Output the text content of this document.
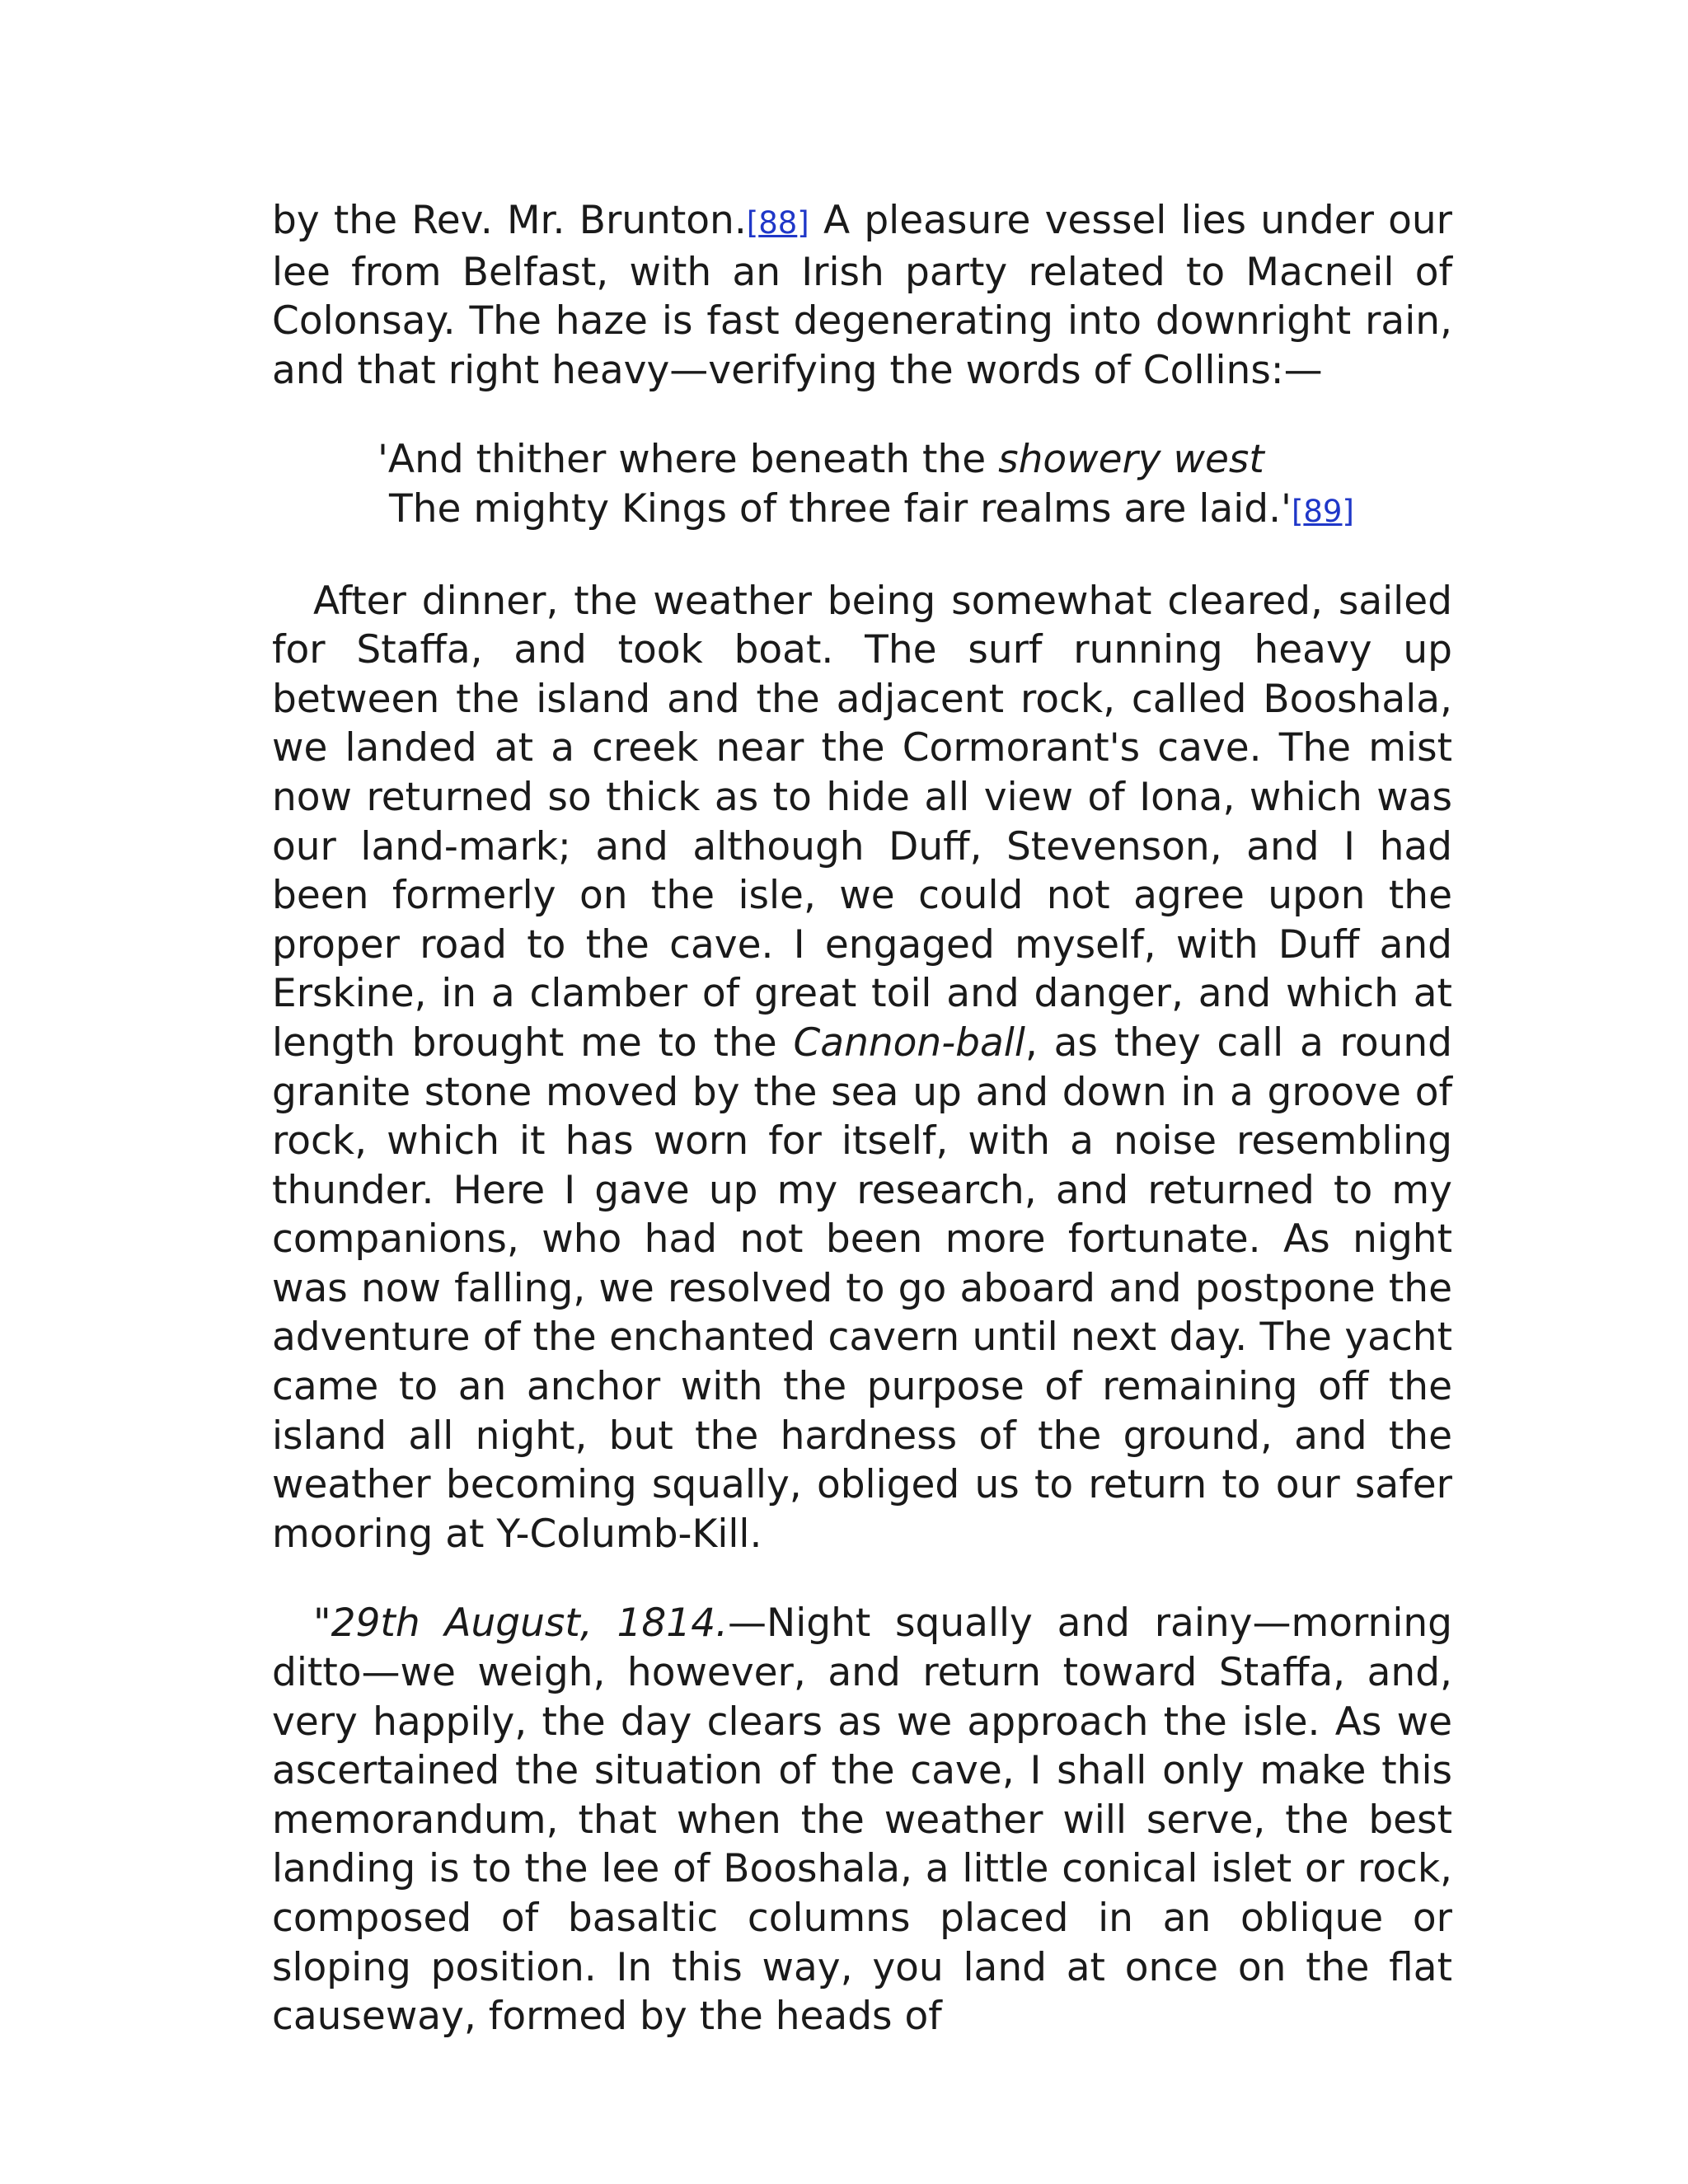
by the Rev. Mr. Brunton.[88] A pleasure vessel lies under our lee from Belfast, with an Irish party related to Macneil of Colonsay. The haze is fast degenerating into downright rain, and that right heavy—verifying the words of Collins:—

'And thither where beneath the showery west
The mighty Kings of three fair realms are laid.'[89]

After dinner, the weather being somewhat cleared, sailed for Staffa, and took boat. The surf running heavy up between the island and the adjacent rock, called Booshala, we landed at a creek near the Cormorant's cave. The mist now returned so thick as to hide all view of Iona, which was our land-mark; and although Duff, Stevenson, and I had been formerly on the isle, we could not agree upon the proper road to the cave. I engaged myself, with Duff and Erskine, in a clamber of great toil and danger, and which at length brought me to the Cannon-ball, as they call a round granite stone moved by the sea up and down in a groove of rock, which it has worn for itself, with a noise resembling thunder. Here I gave up my research, and returned to my companions, who had not been more fortunate. As night was now falling, we resolved to go aboard and postpone the adventure of the enchanted cavern until next day. The yacht came to an anchor with the purpose of remaining off the island all night, but the hardness of the ground, and the weather becoming squally, obliged us to return to our safer mooring at Y-Columb-Kill.

"29th August, 1814.—Night squally and rainy—morning ditto—we weigh, however, and return toward Staffa, and, very happily, the day clears as we approach the isle. As we ascertained the situation of the cave, I shall only make this memorandum, that when the weather will serve, the best landing is to the lee of Booshala, a little conical islet or rock, composed of basaltic columns placed in an oblique or sloping position. In this way, you land at once on the flat causeway, formed by the heads of
